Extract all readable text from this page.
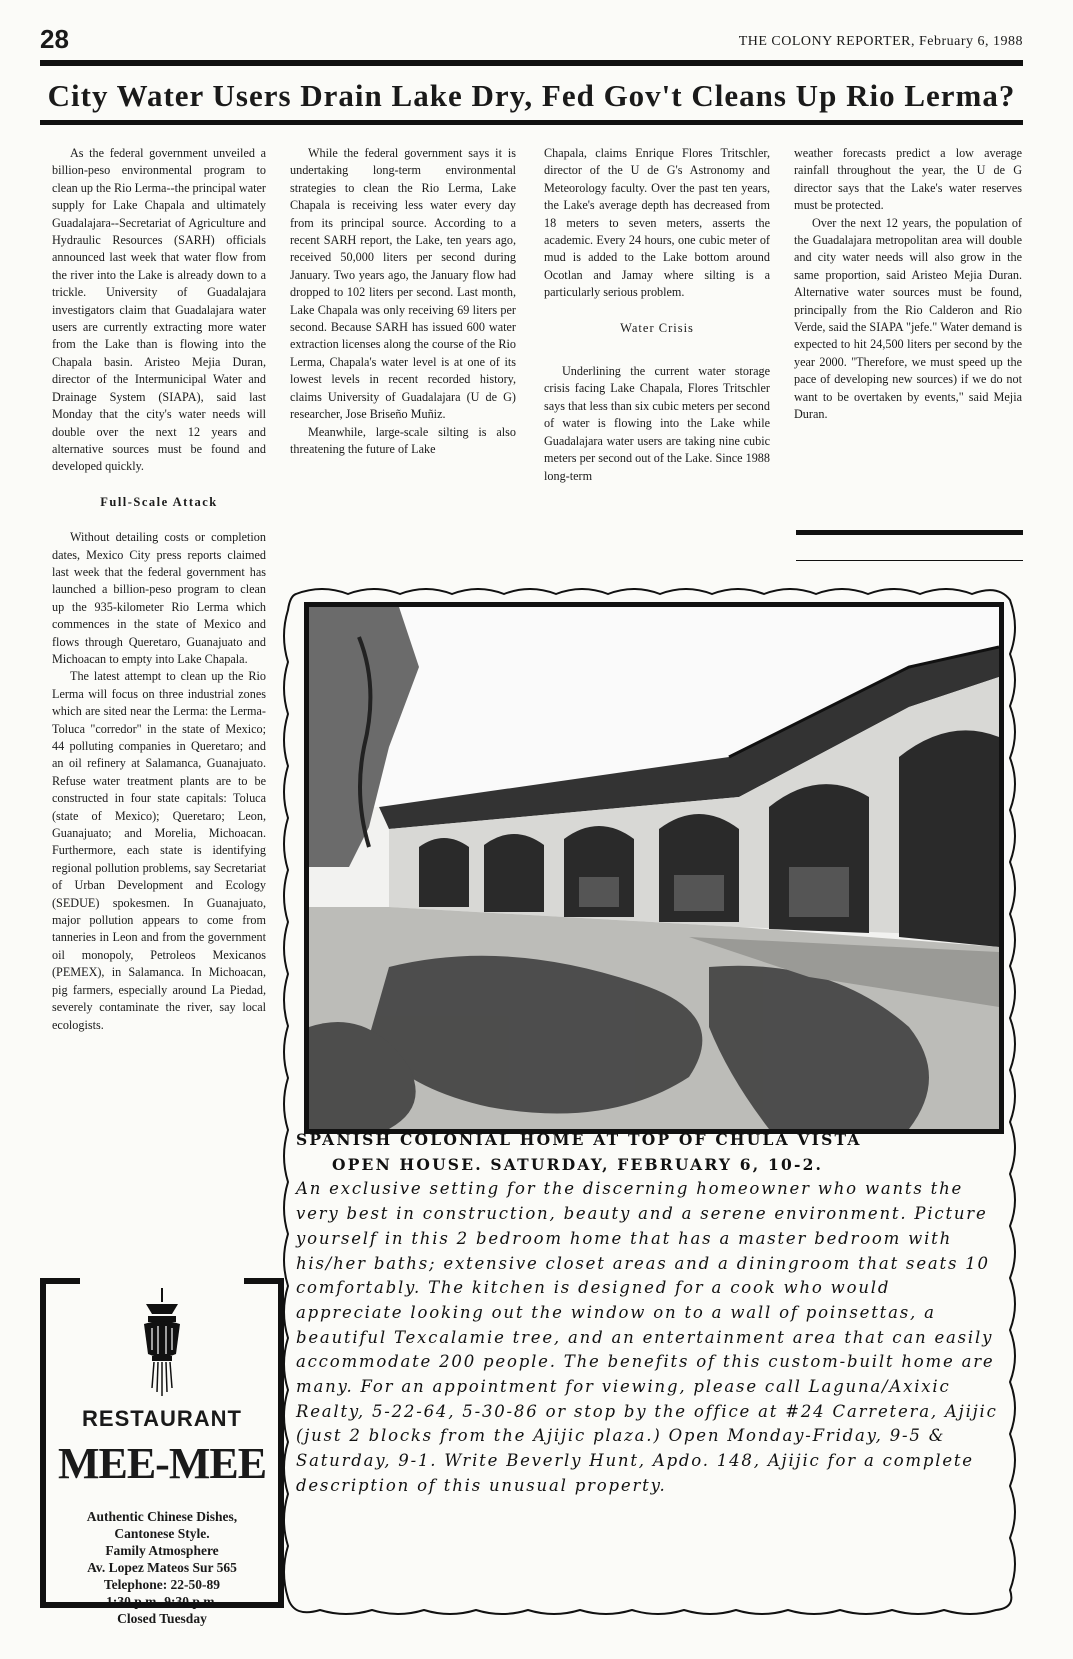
28	THE COLONY REPORTER, February 6, 1988
City Water Users Drain Lake Dry, Fed Gov't Cleans Up Rio Lerma?

As the federal government unveiled a billion-peso environmental program to clean up the Rio Lerma--the principal water supply for Lake Chapala and ultimately Guadalajara--Secretariat of Agriculture and Hydraulic Resources (SARH) officials announced last week that water flow from the river into the Lake is already down to a trickle. University of Guadalajara investigators claim that Guadalajara water users are currently extracting more water from the Lake than is flowing into the Chapala basin. Aristeo Mejia Duran, director of the Intermunicipal Water and Drainage System (SIAPA), said last Monday that the city's water needs will double over the next 12 years and alternative sources must be found and developed quickly.

Full-Scale Attack

Without detailing costs or completion dates, Mexico City press reports claimed last week that the federal government has launched a billion-peso program to clean up the 935-kilometer Rio Lerma which commences in the state of Mexico and flows through Queretaro, Guanajuato and Michoacan to empty into Lake Chapala.

The latest attempt to clean up the Rio Lerma will focus on three industrial zones which are sited near the Lerma: the Lerma-Toluca "corredor" in the state of Mexico; 44 polluting companies in Queretaro; and an oil refinery at Salamanca, Guanajuato. Refuse water treatment plants are to be constructed in four state capitals: Toluca (state of Mexico); Queretaro; Leon, Guanajuato; and Morelia, Michoacan. Furthermore, each state is identifying regional pollution problems, say Secretariat of Urban Development and Ecology (SEDUE) spokesmen. In Guanajuato, major pollution appears to come from tanneries in Leon and from the government oil monopoly, Petroleos Mexicanos (PEMEX), in Salamanca. In Michoacan, pig farmers, especially around La Piedad, severely contaminate the river, say local ecologists.

While the federal government says it is undertaking long-term environmental strategies to clean the Rio Lerma, Lake Chapala is receiving less water every day from its principal source. According to a recent SARH report, the Lake, ten years ago, received 50,000 liters per second during January. Two years ago, the January flow had dropped to 102 liters per second. Last month, Lake Chapala was only receiving 69 liters per second. Because SARH has issued 600 water extraction licenses along the course of the Rio Lerma, Chapala's water level is at one of its lowest levels in recent recorded history, claims University of Guadalajara (U de G) researcher, Jose Briseño Muñiz.

Meanwhile, large-scale silting is also threatening the future of Lake

Chapala, claims Enrique Flores Tritschler, director of the U de G's Astronomy and Meteorology faculty. Over the past ten years, the Lake's average depth has decreased from 18 meters to seven meters, asserts the academic. Every 24 hours, one cubic meter of mud is added to the Lake bottom around Ocotlan and Jamay where silting is a particularly serious problem.

Water Crisis

Underlining the current water storage crisis facing Lake Chapala, Flores Tritschler says that less than six cubic meters per second of water is flowing into the Lake while Guadalajara water users are taking nine cubic meters per second out of the Lake. Since 1988 long-term

weather forecasts predict a low average rainfall throughout the year, the U de G director says that the Lake's water reserves must be protected.

Over the next 12 years, the population of the Guadalajara metropolitan area will double and city water needs will also grow in the same proportion, said Aristeo Mejia Duran. Alternative water sources must be found, principally from the Rio Calderon and Rio Verde, said the SIAPA "jefe." Water demand is expected to hit 24,500 liters per second by the year 2000. "Therefore, we must speed up the pace of developing new sources) if we do not want to be overtaken by events," said Mejia Duran.

RESTAURANT
MEE-MEE
Authentic Chinese Dishes,
Cantonese Style.
Family Atmosphere
Av. Lopez Mateos Sur 565
Telephone: 22-50-89
Closed Tuesday
SPANISH COLONIAL HOME AT TOP OF CHULA VISTA
OPEN HOUSE. SATURDAY, FEBRUARY 6, 10-2.
An exclusive setting for the discerning homeowner who wants the very best in construction, beauty and a serene environment. Picture yourself in this 2 bedroom home that has a master bedroom with his/her baths; extensive closet areas and a diningroom that seats 10 comfortably. The kitchen is designed for a cook who would appreciate looking out the window on to a wall of poinsettas, a beautiful Texcalamie tree, and an entertainment area that can easily accommodate 200 people. The benefits of this custom-built home are many. For an appointment for viewing, please call Laguna/Axixic Realty, 5-22-64, 5-30-86 or stop by the office at #24 Carretera, Ajijic (just 2 blocks from the Ajijic plaza.) Open Monday-Friday, 9-5 & Saturday, 9-1. Write Beverly Hunt, Apdo. 148, Ajijic for a complete description of this unusual property.
